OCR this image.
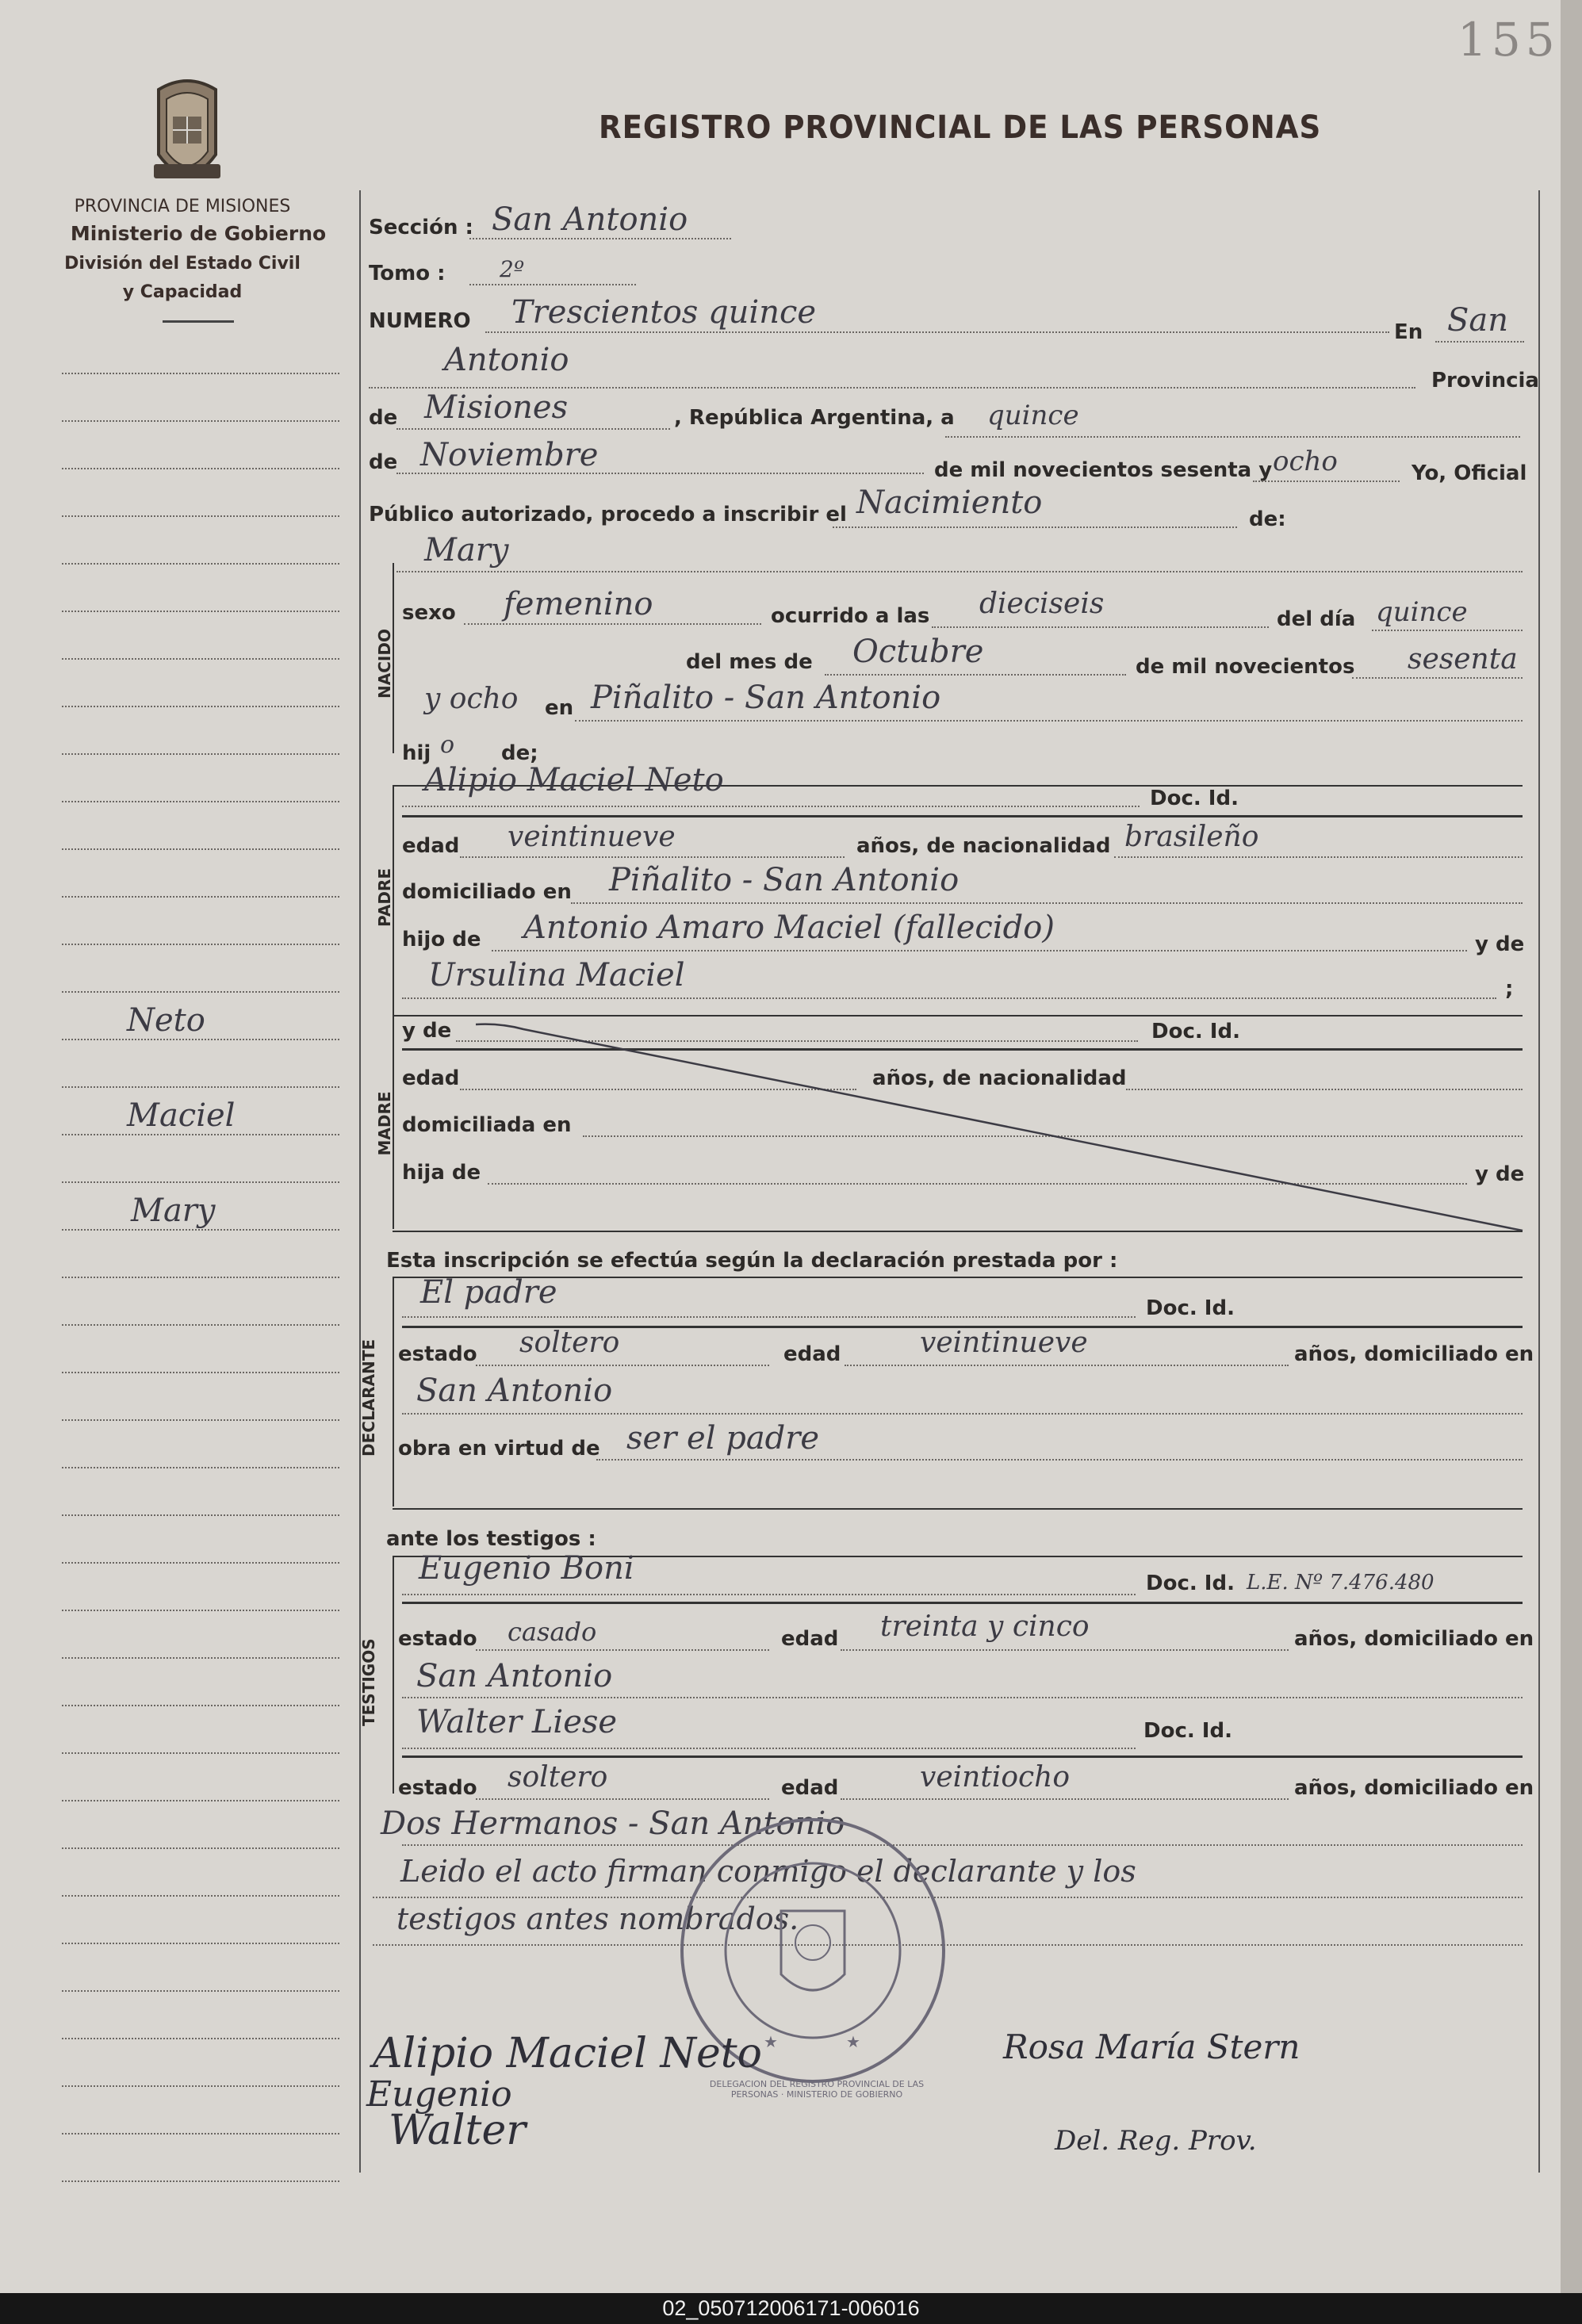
155
PROVINCIA DE MISIONES
Ministerio de Gobierno
División del Estado Civil
y Capacidad
REGISTRO PROVINCIAL DE LAS PERSONAS
Neto
Maciel
Mary
Sección : San Antonio
Tomo : 2º
NUMERO Trescientos quince
En San
Antonio
Provincia
de Misiones	, República Argentina, a quince
de Noviembre	de mil novecientos sesenta y ocho	Yo, Oficial
Público autorizado, procedo a inscribir el Nacimiento	de:
Mary
NACIDO
sexo femenino	ocurrido a las dieciseis	del día quince
del mes de Octubre	de mil novecientos sesenta
y ocho en Piñalito - San Antonio
hij o de;
PADRE
Alipio Maciel Neto	Doc. Id.
edad veintinueve	años, de nacionalidad brasileño
domiciliado en Piñalito - San Antonio
hijo de Antonio Amaro Maciel (fallecido)	y de
Ursulina Maciel	;
MADRE
y de	Doc. Id.
edad	años, de nacionalidad
domiciliada en
hija de	y de
Esta inscripción se efectúa según la declaración prestada por :
DECLARANTE
El padre	Doc. Id.
estado soltero	edad	veintinueve	años, domiciliado en
San Antonio
obra en virtud de ser el padre
ante los testigos :
TESTIGOS
Eugenio Boni	Doc. Id. L.E. Nº 7.476.480
estado casado	edad treinta y cinco	años, domiciliado en
San Antonio
Walter Liese	Doc. Id.
estado soltero	edad	veintiocho	años, domiciliado en
Dos Hermanos - San Antonio
Leido el acto firman conmigo el declarante y los
testigos antes nombrados.
★	★
DELEGACION DEL REGISTRO PROVINCIAL DE LAS PERSONAS · MINISTERIO DE GOBIERNO
Alipio Maciel Neto
Eugenio
Walter
Rosa María Stern
Del. Reg. Prov.
02_050712006171-006016
